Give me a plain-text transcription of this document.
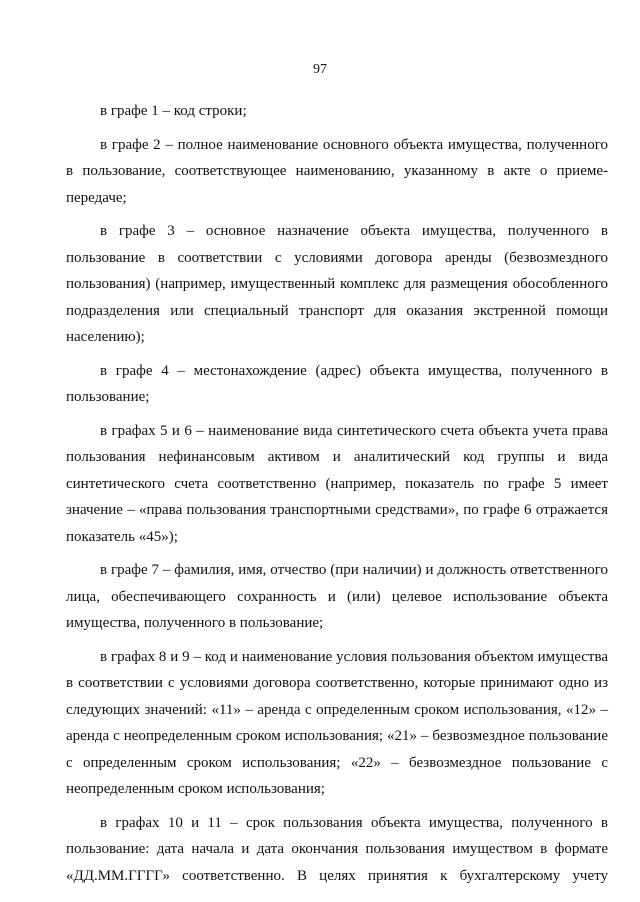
97

в графе 1 – код строки;

в графе 2 – полное наименование основного объекта имущества, полученного в пользование, соответствующее наименованию, указанному в акте о приеме-передаче;

в графе 3 – основное назначение объекта имущества, полученного в пользование в соответствии с условиями договора аренды (безвозмездного пользования) (например, имущественный комплекс для размещения обособленного подразделения или специальный транспорт для оказания экстренной помощи населению);

в графе 4 – местонахождение (адрес) объекта имущества, полученного в пользование;

в графах 5 и 6 – наименование вида синтетического счета объекта учета права пользования нефинансовым активом и аналитический код группы и вида синтетического счета соответственно (например, показатель по графе 5 имеет значение – «права пользования транспортными средствами», по графе 6 отражается показатель «45»);

в графе 7 – фамилия, имя, отчество (при наличии) и должность ответственного лица, обеспечивающего сохранность и (или) целевое использование объекта имущества, полученного в пользование;

в графах 8 и 9 – код и наименование условия пользования объектом имущества в соответствии с условиями договора соответственно, которые принимают одно из следующих значений: «11» – аренда с определенным сроком использования, «12» – аренда с неопределенным сроком использования; «21» – безвозмездное пользование с определенным сроком использования; «22» – безвозмездное пользование с неопределенным сроком использования;

в графах 10 и 11 – срок пользования объекта имущества, полученного в пользование: дата начала и дата окончания пользования имуществом в формате «ДД.ММ.ГГГГ» соответственно. В целях принятия к бухгалтерскому учету
